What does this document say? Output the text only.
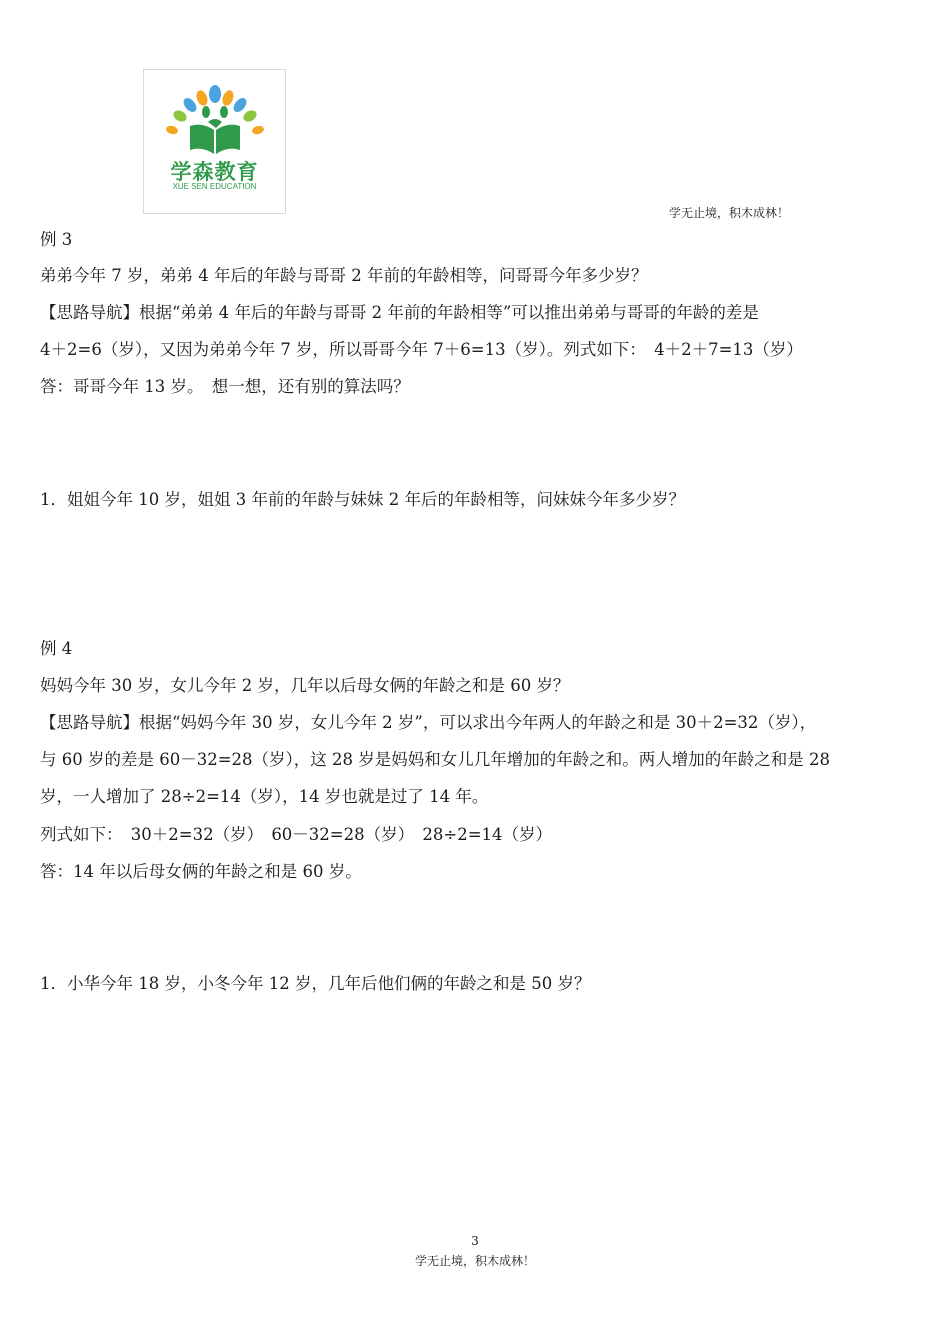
学森教育
XUE SEN EDUCATION
学无止境，积木成林！
例 3
弟弟今年 7 岁，弟弟 4 年后的年龄与哥哥 2 年前的年龄相等，问哥哥今年多少岁？
【思路导航】根据“弟弟 4 年后的年龄与哥哥 2 年前的年龄相等”可以推出弟弟与哥哥的年龄的差是
4＋2=6（岁），又因为弟弟今年 7 岁，所以哥哥今年 7＋6=13（岁）。列式如下：　4＋2＋7=13（岁）
答：哥哥今年 13 岁。　想一想，还有别的算法吗？
1．姐姐今年 10 岁，姐姐 3 年前的年龄与妹妹 2 年后的年龄相等，问妹妹今年多少岁？
例 4
妈妈今年 30 岁，女儿今年 2 岁，几年以后母女俩的年龄之和是 60 岁？
【思路导航】根据“妈妈今年 30 岁，女儿今年 2 岁”，可以求出今年两人的年龄之和是 30＋2=32（岁），
与 60 岁的差是 60－32=28（岁），这 28 岁是妈妈和女儿几年增加的年龄之和。两人增加的年龄之和是 28
岁，一人增加了 28÷2=14（岁），14 岁也就是过了 14 年。
列式如下：　30＋2=32（岁）　60－32=28（岁）　28÷2=14（岁）
答：14 年以后母女俩的年龄之和是 60 岁。
1．小华今年 18 岁，小冬今年 12 岁，几年后他们俩的年龄之和是 50 岁？
3
学无止境，积木成林！
